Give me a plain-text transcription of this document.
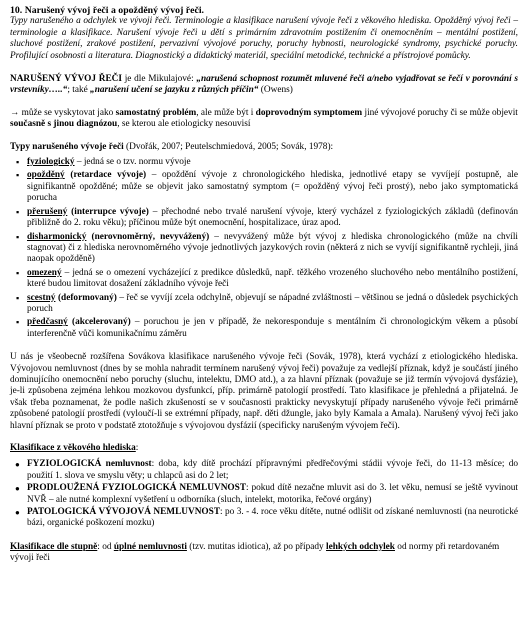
10. Narušený vývoj řeči a opožděný vývoj řeči.
Typy narušeného a odchylek ve vývoji řeči. Terminologie a klasifikace narušení vývoje řeči z věkového hlediska. Opožděný vývoj řeči – terminologie a klasifikace. Narušení vývoje řeči u dětí s primárním zdravotním postižením či onemocněním – mentální postižení, sluchové postižení, zrakové postižení, pervazivní vývojové poruchy, poruchy hybnosti, neurologické syndromy, psychické poruchy. Profilující osobnosti a literatura. Diagnostický a didaktický materiál, speciální metodické, technické a přístrojové pomůcky.

NARUŠENÝ VÝVOJ ŘEČI je dle Mikulajové: „narušená schopnost rozumět mluvené řeči a/nebo vyjadřovat se řečí v porovnání s vrstevníky…..“; také „narušení učení se jazyku z různých příčin“ (Owens)

→ může se vyskytovat jako samostatný problém, ale může být i doprovodným symptomem jiné vývojové poruchy či se může objevit současně s jinou diagnózou, se kterou ale etiologicky nesouvisí

Typy narušeného vývoje řeči (Dvořák, 2007; Peutelschmiedová, 2005; Sovák, 1978):

▪ fyziologický – jedná se o tzv. normu vývoje
▪ opožděný (retardace vývoje) – opoždění vývoje z chronologického hlediska, jednotlivé etapy se vyvíjejí postupně, ale signifikantně opožděné; může se objevit jako samostatný symptom (= opožděný vývoj řeči prostý), nebo jako symptomatická porucha
▪ přerušený (interrupce vývoje) – přechodné nebo trvalé narušení vývoje, který vycházel z fyziologických základů (definován přibližně do 2. roku věku); příčinou může být onemocnění, hospitalizace, úraz apod.
▪ disharmonický (nerovnoměrný, nevyvážený) – nevyvážený může být vývoj z hlediska chronologického (může na chvíli stagnovat) či z hlediska nerovnoměrného vývoje jednotlivých jazykových rovin (některá z nich se vyvíjí signifikantně rychleji, jiná naopak opožděně)
▪ omezený – jedná se o omezení vycházející z predikce důsledků, např. těžkého vrozeného sluchového nebo mentálního postižení, které budou limitovat dosažení základního vývoje řeči
▪ scestný (deformovaný) – řeč se vyvíjí zcela odchylně, objevují se nápadné zvláštnosti – většinou se jedná o důsledek psychických poruch
▪ předčasný (akcelerovaný) – poruchou je jen v případě, že nekoresponduje s mentálním či chronologickým věkem a působí interferenčně vůči komunikačnímu záměru

U nás je všeobecně rozšířena Sovákova klasifikace narušeného vývoje řeči (Sovák, 1978), která vychází z etiologického hlediska. Vývojovou nemluvnost (dnes by se mohla nahradit termínem narušený vývoj řeči) považuje za vedlejší příznak, když je součástí jiného dominujícího onemocnění nebo poruchy (sluchu, intelektu, DMO atd.), a za hlavní příznak (považuje se již termín vývojová dysfázie), je-li způsobena zejména lehkou mozkovou dysfunkcí, příp. primárně patologií prostředí. Tato klasifikace je přehledná a přijatelná. Je však třeba poznamenat, že podle našich zkušeností se v současnosti prakticky nevyskytují případy narušeného vývoje řeči primárně způsobené patologií prostředí (vyloučí-li se extrémní případy, např. děti džungle, jako byly Kamala a Amala). Narušený vývoj řeči jako hlavní příznak se proto v podstatě ztotožňuje s vývojovou dysfázií (specificky narušeným vývojem řeči).

Klasifikace z věkového hlediska:

● FYZIOLOGICKÁ nemluvnost: doba, kdy dítě prochází přípravnými předřečovými stádii vývoje řeči, do 11-13 měsíce; do použití 1. slova ve smyslu věty; u chlapců asi do 2 let;
● PRODLOUŽENÁ FYZIOLOGICKÁ NEMLUVNOST: pokud dítě nezačne mluvit asi do 3. let věku, nemusí se ještě vyvinout NVŘ – ale nutné komplexní vyšetření u odborníka (sluch, intelekt, motorika, řečové orgány)
● PATOLOGICKÁ VÝVOJOVÁ NEMLUVNOST: po 3. - 4. roce věku dítěte, nutné odlišit od získané nemluvnosti (na neurotické bázi, organické poškození mozku)

Klasifikace dle stupně: od úplné nemluvnosti (tzv. mutitas idiotica), až po případy lehkých odchylek od normy při retardovaném vývoji řeči
